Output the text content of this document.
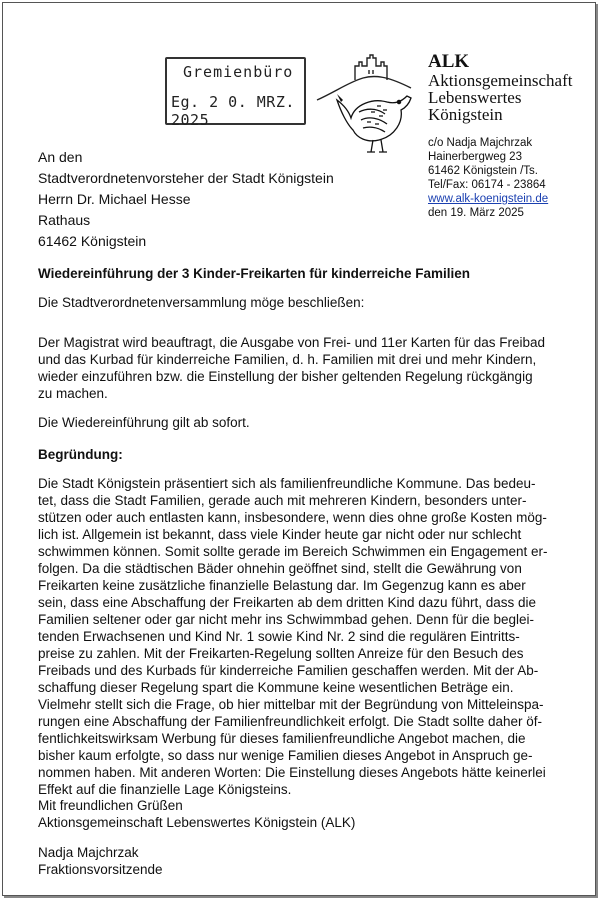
Gremienbüro
Eg. 2 0. MRZ. 2025
ALK
Aktionsgemeinschaft
Lebenswertes
Königstein
c/o Nadja Majchrzak
Hainerbergweg 23
61462 Königstein /Ts.
Tel/Fax: 06174 - 23864
www.alk-koenigstein.de
den 19. März 2025
An den
Stadtverordnetenvorsteher der Stadt Königstein
Herrn Dr. Michael Hesse
Rathaus
61462 Königstein
Wiedereinführung der 3 Kinder-Freikarten für kinderreiche Familien
Die Stadtverordnetenversammlung möge beschließen:
Der Magistrat wird beauftragt, die Ausgabe von Frei- und 11er Karten für das Freibad
und das Kurbad für kinderreiche Familien, d. h. Familien mit drei und mehr Kindern,
wieder einzuführen bzw. die Einstellung der bisher geltenden Regelung rückgängig
zu machen.
Die Wiedereinführung gilt ab sofort.
Begründung:
Die Stadt Königstein präsentiert sich als familienfreundliche Kommune. Das bedeu-
tet, dass die Stadt Familien, gerade auch mit mehreren Kindern, besonders unter-
stützen oder auch entlasten kann, insbesondere, wenn dies ohne große Kosten mög-
lich ist. Allgemein ist bekannt, dass viele Kinder heute gar nicht oder nur schlecht
schwimmen können. Somit sollte gerade im Bereich Schwimmen ein Engagement er-
folgen. Da die städtischen Bäder ohnehin geöffnet sind, stellt die Gewährung von
Freikarten keine zusätzliche finanzielle Belastung dar. Im Gegenzug kann es aber
sein, dass eine Abschaffung der Freikarten ab dem dritten Kind dazu führt, dass die
Familien seltener oder gar nicht mehr ins Schwimmbad gehen. Denn für die beglei-
tenden Erwachsenen und Kind Nr. 1 sowie Kind Nr. 2 sind die regulären Eintritts-
preise zu zahlen. Mit der Freikarten-Regelung sollten Anreize für den Besuch des
Freibads und des Kurbads für kinderreiche Familien geschaffen werden. Mit der Ab-
schaffung dieser Regelung spart die Kommune keine wesentlichen Beträge ein.
Vielmehr stellt sich die Frage, ob hier mittelbar mit der Begründung von Mitteleinspa-
rungen eine Abschaffung der Familienfreundlichkeit erfolgt. Die Stadt sollte daher öf-
fentlichkeitswirksam Werbung für dieses familienfreundliche Angebot machen, die
bisher kaum erfolgte, so dass nur wenige Familien dieses Angebot in Anspruch ge-
nommen haben. Mit anderen Worten: Die Einstellung dieses Angebots hätte keinerlei
Effekt auf die finanzielle Lage Königsteins.
Mit freundlichen Grüßen
Aktionsgemeinschaft Lebenswertes Königstein (ALK)
Nadja Majchrzak
Fraktionsvorsitzende
